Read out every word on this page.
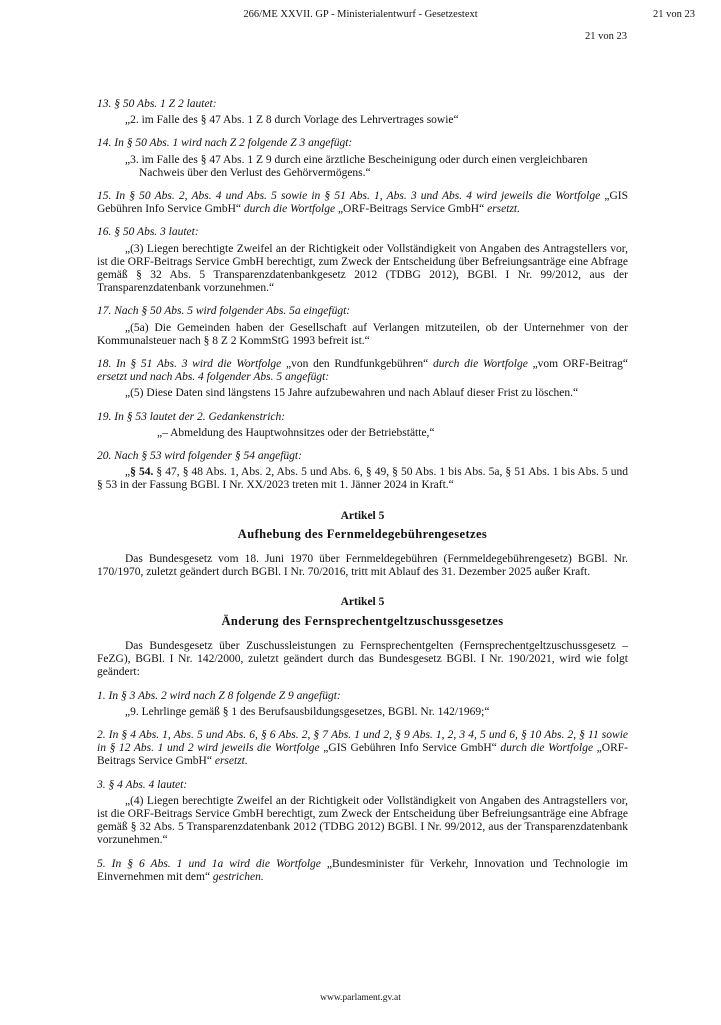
266/ME XXVII. GP - Ministerialentwurf - Gesetzestext	21 von 23
21 von 23

13. § 50 Abs. 1 Z 2 lautet:

„2. im Falle des § 47 Abs. 1 Z 8 durch Vorlage des Lehrvertrages sowie“

14. In § 50 Abs. 1 wird nach Z 2 folgende Z 3 angefügt:

„3. im Falle des § 47 Abs. 1 Z 9 durch eine ärztliche Bescheinigung oder durch einen vergleichbaren Nachweis über den Verlust des Gehörvermögens.“

15. In § 50 Abs. 2, Abs. 4 und Abs. 5 sowie in § 51 Abs. 1, Abs. 3 und Abs. 4 wird jeweils die Wortfolge „GIS Gebühren Info Service GmbH“ durch die Wortfolge „ORF-Beitrags Service GmbH“ ersetzt.

16. § 50 Abs. 3 lautet:

„(3) Liegen berechtigte Zweifel an der Richtigkeit oder Vollständigkeit von Angaben des Antragstellers vor, ist die ORF-Beitrags Service GmbH berechtigt, zum Zweck der Entscheidung über Befreiungsanträge eine Abfrage gemäß § 32 Abs. 5 Transparenzdatenbankgesetz 2012 (TDBG 2012), BGBl. I Nr. 99/2012, aus der Transparenzdatenbank vorzunehmen.“

17. Nach § 50 Abs. 5 wird folgender Abs. 5a eingefügt:

„(5a) Die Gemeinden haben der Gesellschaft auf Verlangen mitzuteilen, ob der Unternehmer von der Kommunalsteuer nach § 8 Z 2 KommStG 1993 befreit ist.“

18. In § 51 Abs. 3 wird die Wortfolge „von den Rundfunkgebühren“ durch die Wortfolge „vom ORF-Beitrag“ ersetzt und nach Abs. 4 folgender Abs. 5 angefügt:

„(5) Diese Daten sind längstens 15 Jahre aufzubewahren und nach Ablauf dieser Frist zu löschen.“

19. In § 53 lautet der 2. Gedankenstrich:

„– Abmeldung des Hauptwohnsitzes oder der Betriebstätte,“

20. Nach § 53 wird folgender § 54 angefügt:

„§ 54. § 47, § 48 Abs. 1, Abs. 2, Abs. 5 und Abs. 6, § 49, § 50 Abs. 1 bis Abs. 5a, § 51 Abs. 1 bis Abs. 5 und § 53 in der Fassung BGBl. I Nr. XX/2023 treten mit 1. Jänner 2024 in Kraft.“

Artikel 5

Aufhebung des Fernmeldegebührengesetzes

Das Bundesgesetz vom 18. Juni 1970 über Fernmeldegebühren (Fernmeldegebührengesetz) BGBl. Nr. 170/1970, zuletzt geändert durch BGBl. I Nr. 70/2016, tritt mit Ablauf des 31. Dezember 2025 außer Kraft.

Artikel 5

Änderung des Fernsprechentgeltzuschussgesetzes

Das Bundesgesetz über Zuschussleistungen zu Fernsprechentgelten (Fernsprechentgeltzuschussgesetz – FeZG), BGBl. I Nr. 142/2000, zuletzt geändert durch das Bundesgesetz BGBl. I Nr. 190/2021, wird wie folgt geändert:

1. In § 3 Abs. 2 wird nach Z 8 folgende Z 9 angefügt:

„9. Lehrlinge gemäß § 1 des Berufsausbildungsgesetzes, BGBl. Nr. 142/1969;“

2. In § 4 Abs. 1, Abs. 5 und Abs. 6, § 6 Abs. 2, § 7 Abs. 1 und 2, § 9 Abs. 1, 2, 3 4, 5 und 6, § 10 Abs. 2, § 11 sowie in § 12 Abs. 1 und 2 wird jeweils die Wortfolge „GIS Gebühren Info Service GmbH“ durch die Wortfolge „ORF-Beitrags Service GmbH“ ersetzt.

3. § 4 Abs. 4 lautet:

„(4) Liegen berechtigte Zweifel an der Richtigkeit oder Vollständigkeit von Angaben des Antragstellers vor, ist die ORF-Beitrags Service GmbH berechtigt, zum Zweck der Entscheidung über Befreiungsanträge eine Abfrage gemäß § 32 Abs. 5 Transparenzdatenbank 2012 (TDBG 2012) BGBl. I Nr. 99/2012, aus der Transparenzdatenbank vorzunehmen.“

5. In § 6 Abs. 1 und 1a wird die Wortfolge „Bundesminister für Verkehr, Innovation und Technologie im Einvernehmen mit dem“ gestrichen.

www.parlament.gv.at
